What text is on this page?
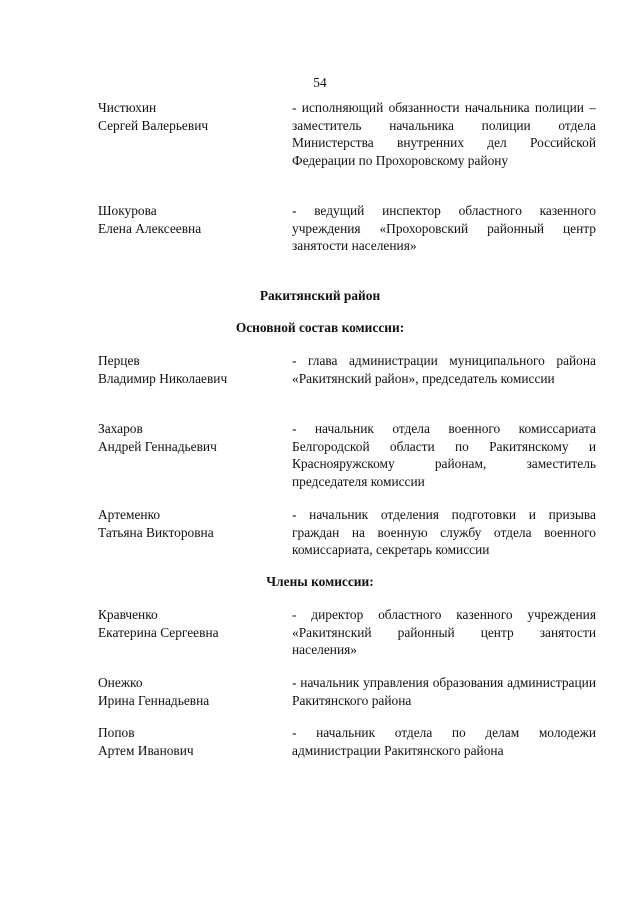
54
Чистюхин
Сергей Валерьевич
- исполняющий обязанности начальника полиции – заместитель начальника полиции отдела Министерства внутренних дел Российской Федерации по Прохоровскому району
Шокурова
Елена Алексеевна
- ведущий инспектор областного казенного учреждения «Прохоровский районный центр занятости населения»
Ракитянский район
Основной состав комиссии:
Перцев
Владимир Николаевич
- глава администрации муниципального района «Ракитянский район», председатель комиссии
Захаров
Андрей Геннадьевич
- начальник отдела военного комиссариата Белгородской области по Ракитянскому и Краснояружскому районам, заместитель председателя комиссии
Артеменко
Татьяна Викторовна
- начальник отделения подготовки и призыва граждан на военную службу отдела военного комиссариата, секретарь комиссии
Члены комиссии:
Кравченко
Екатерина Сергеевна
- директор областного казенного учреждения «Ракитянский районный центр занятости населения»
Онежко
Ирина Геннадьевна
- начальник управления образования администрации Ракитянского района
Попов
Артем Иванович
- начальник отдела по делам молодежи администрации Ракитянского района
